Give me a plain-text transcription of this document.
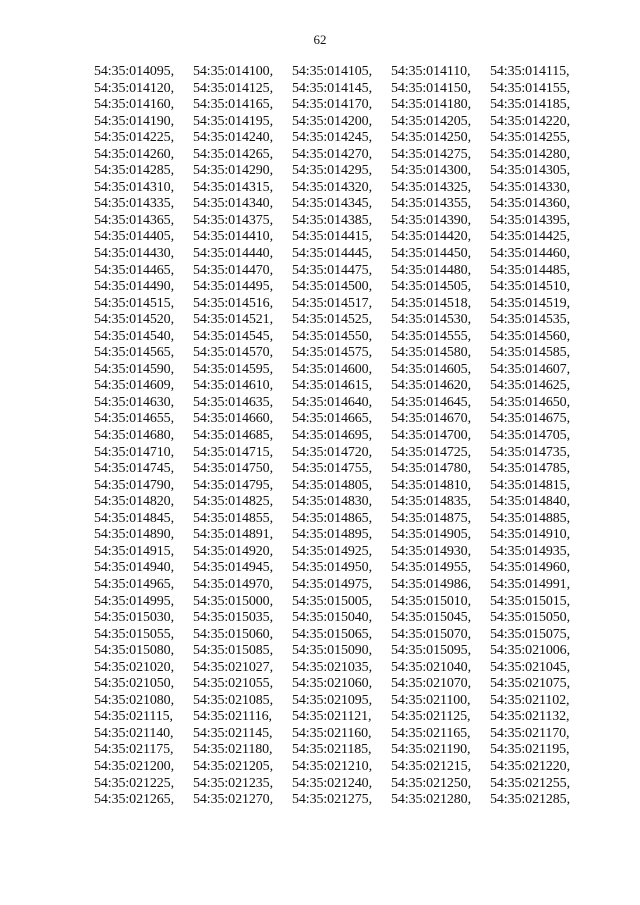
62
54:35:014095,	54:35:014100,	54:35:014105,	54:35:014110,	54:35:014115,
54:35:014120,	54:35:014125,	54:35:014145,	54:35:014150,	54:35:014155,
54:35:014160,	54:35:014165,	54:35:014170,	54:35:014180,	54:35:014185,
54:35:014190,	54:35:014195,	54:35:014200,	54:35:014205,	54:35:014220,
54:35:014225,	54:35:014240,	54:35:014245,	54:35:014250,	54:35:014255,
54:35:014260,	54:35:014265,	54:35:014270,	54:35:014275,	54:35:014280,
54:35:014285,	54:35:014290,	54:35:014295,	54:35:014300,	54:35:014305,
54:35:014310,	54:35:014315,	54:35:014320,	54:35:014325,	54:35:014330,
54:35:014335,	54:35:014340,	54:35:014345,	54:35:014355,	54:35:014360,
54:35:014365,	54:35:014375,	54:35:014385,	54:35:014390,	54:35:014395,
54:35:014405,	54:35:014410,	54:35:014415,	54:35:014420,	54:35:014425,
54:35:014430,	54:35:014440,	54:35:014445,	54:35:014450,	54:35:014460,
54:35:014465,	54:35:014470,	54:35:014475,	54:35:014480,	54:35:014485,
54:35:014490,	54:35:014495,	54:35:014500,	54:35:014505,	54:35:014510,
54:35:014515,	54:35:014516,	54:35:014517,	54:35:014518,	54:35:014519,
54:35:014520,	54:35:014521,	54:35:014525,	54:35:014530,	54:35:014535,
54:35:014540,	54:35:014545,	54:35:014550,	54:35:014555,	54:35:014560,
54:35:014565,	54:35:014570,	54:35:014575,	54:35:014580,	54:35:014585,
54:35:014590,	54:35:014595,	54:35:014600,	54:35:014605,	54:35:014607,
54:35:014609,	54:35:014610,	54:35:014615,	54:35:014620,	54:35:014625,
54:35:014630,	54:35:014635,	54:35:014640,	54:35:014645,	54:35:014650,
54:35:014655,	54:35:014660,	54:35:014665,	54:35:014670,	54:35:014675,
54:35:014680,	54:35:014685,	54:35:014695,	54:35:014700,	54:35:014705,
54:35:014710,	54:35:014715,	54:35:014720,	54:35:014725,	54:35:014735,
54:35:014745,	54:35:014750,	54:35:014755,	54:35:014780,	54:35:014785,
54:35:014790,	54:35:014795,	54:35:014805,	54:35:014810,	54:35:014815,
54:35:014820,	54:35:014825,	54:35:014830,	54:35:014835,	54:35:014840,
54:35:014845,	54:35:014855,	54:35:014865,	54:35:014875,	54:35:014885,
54:35:014890,	54:35:014891,	54:35:014895,	54:35:014905,	54:35:014910,
54:35:014915,	54:35:014920,	54:35:014925,	54:35:014930,	54:35:014935,
54:35:014940,	54:35:014945,	54:35:014950,	54:35:014955,	54:35:014960,
54:35:014965,	54:35:014970,	54:35:014975,	54:35:014986,	54:35:014991,
54:35:014995,	54:35:015000,	54:35:015005,	54:35:015010,	54:35:015015,
54:35:015030,	54:35:015035,	54:35:015040,	54:35:015045,	54:35:015050,
54:35:015055,	54:35:015060,	54:35:015065,	54:35:015070,	54:35:015075,
54:35:015080,	54:35:015085,	54:35:015090,	54:35:015095,	54:35:021006,
54:35:021020,	54:35:021027,	54:35:021035,	54:35:021040,	54:35:021045,
54:35:021050,	54:35:021055,	54:35:021060,	54:35:021070,	54:35:021075,
54:35:021080,	54:35:021085,	54:35:021095,	54:35:021100,	54:35:021102,
54:35:021115,	54:35:021116,	54:35:021121,	54:35:021125,	54:35:021132,
54:35:021140,	54:35:021145,	54:35:021160,	54:35:021165,	54:35:021170,
54:35:021175,	54:35:021180,	54:35:021185,	54:35:021190,	54:35:021195,
54:35:021200,	54:35:021205,	54:35:021210,	54:35:021215,	54:35:021220,
54:35:021225,	54:35:021235,	54:35:021240,	54:35:021250,	54:35:021255,
54:35:021265,	54:35:021270,	54:35:021275,	54:35:021280,	54:35:021285,
